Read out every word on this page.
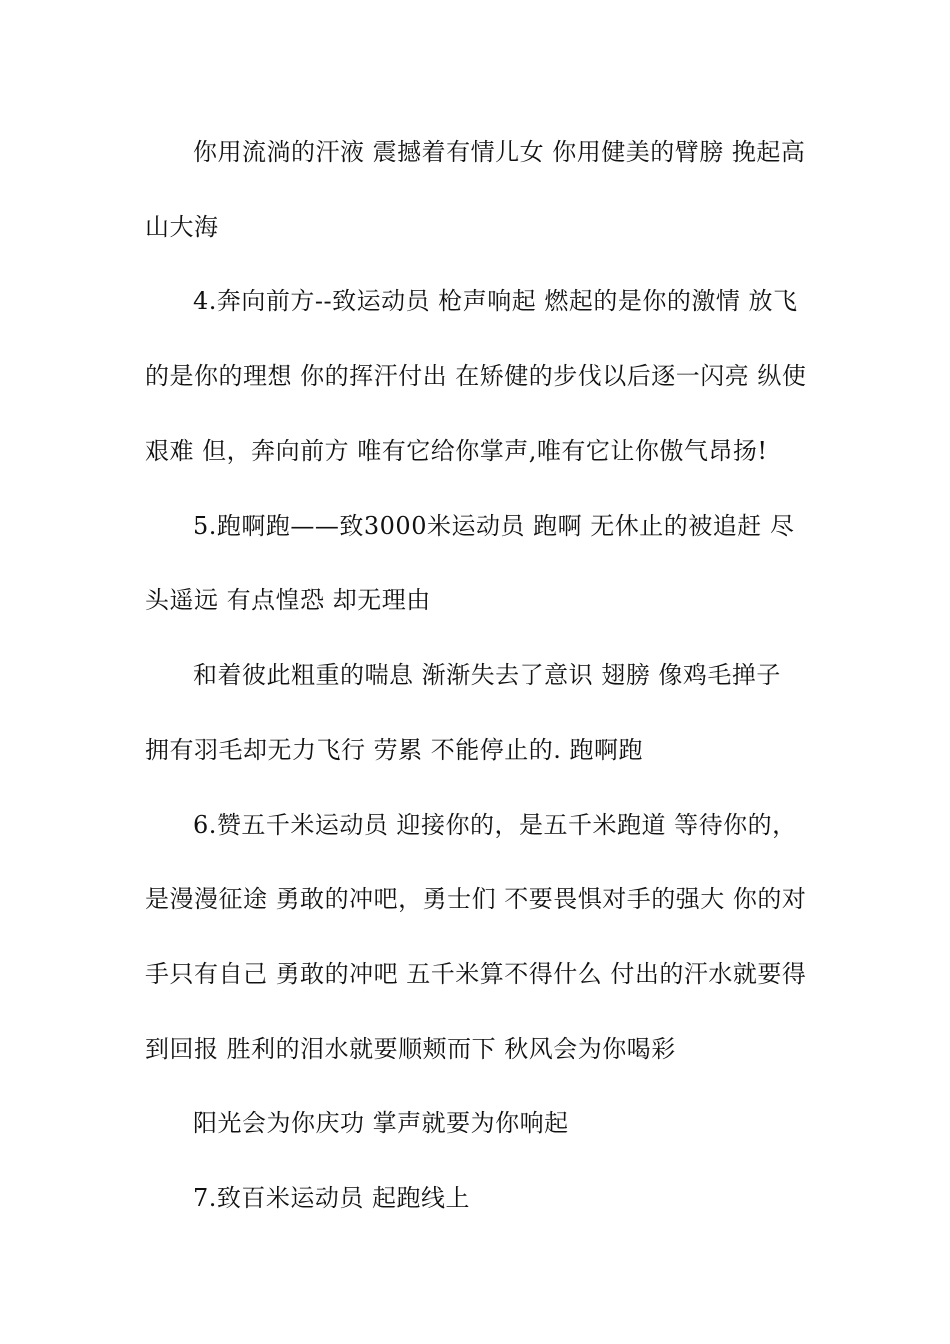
你用流淌的汗液 震撼着有情儿女 你用健美的臂膀 挽起高
山大海
4.奔向前方--致运动员 枪声响起 燃起的是你的激情 放飞
的是你的理想 你的挥汗付出 在矫健的步伐以后逐一闪亮 纵使
艰难 但，奔向前方 唯有它给你掌声,唯有它让你傲气昂扬!
5.跑啊跑——致3000米运动员 跑啊 无休止的被追赶 尽
头遥远 有点惶恐 却无理由
和着彼此粗重的喘息 渐渐失去了意识 翅膀 像鸡毛掸子
拥有羽毛却无力飞行 劳累 不能停止的. 跑啊跑
6.赞五千米运动员 迎接你的，是五千米跑道 等待你的，
是漫漫征途 勇敢的冲吧，勇士们 不要畏惧对手的强大 你的对
手只有自己 勇敢的冲吧 五千米算不得什么 付出的汗水就要得
到回报 胜利的泪水就要顺颊而下 秋风会为你喝彩
阳光会为你庆功 掌声就要为你响起
7.致百米运动员 起跑线上
